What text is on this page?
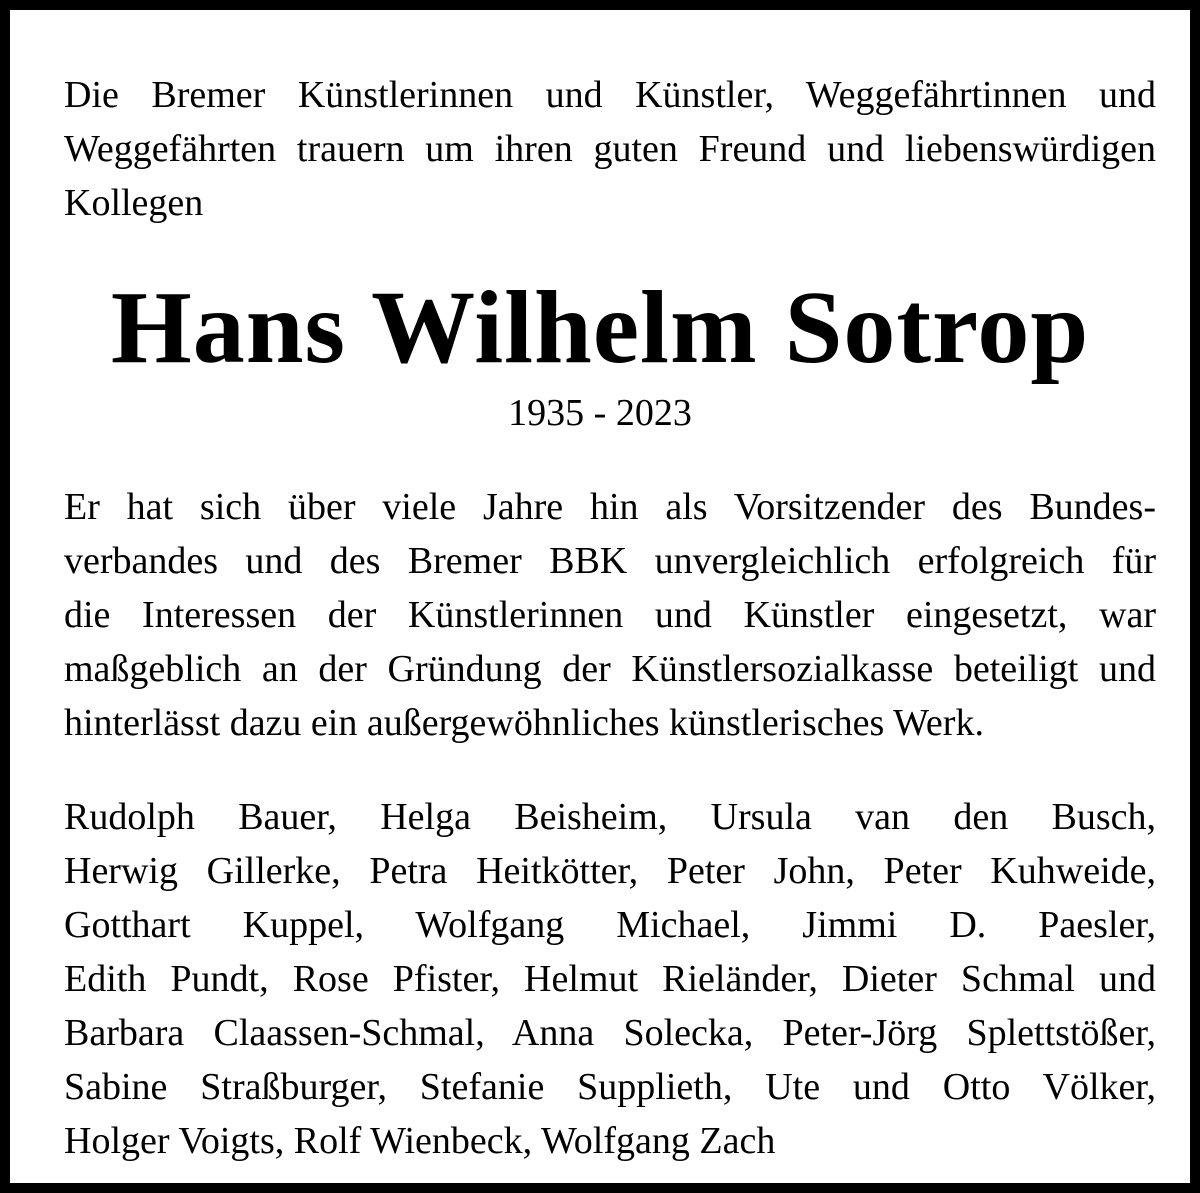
Die Bremer Künstlerinnen und Künstler, Weggefährtinnen und
Weggefährten trauern um ihren guten Freund und liebenswürdigen
Kollegen
Hans Wilhelm Sotrop
1935 - 2023
Er hat sich über viele Jahre hin als Vorsitzender des Bundes-
verbandes und des Bremer BBK unvergleichlich erfolgreich für
die Interessen der Künstlerinnen und Künstler eingesetzt, war
maßgeblich an der Gründung der Künstlersozialkasse beteiligt und
hinterlässt dazu ein außergewöhnliches künstlerisches Werk.
Rudolph Bauer, Helga Beisheim, Ursula van den Busch,
Herwig Gillerke, Petra Heitkötter, Peter John, Peter Kuhweide,
Gotthart Kuppel, Wolfgang Michael, Jimmi D. Paesler,
Edith Pundt, Rose Pfister, Helmut Rieländer, Dieter Schmal und
Barbara Claassen-Schmal, Anna Solecka, Peter-Jörg Splettstößer,
Sabine Straßburger, Stefanie Supplieth, Ute und Otto Völker,
Holger Voigts, Rolf Wienbeck, Wolfgang Zach
